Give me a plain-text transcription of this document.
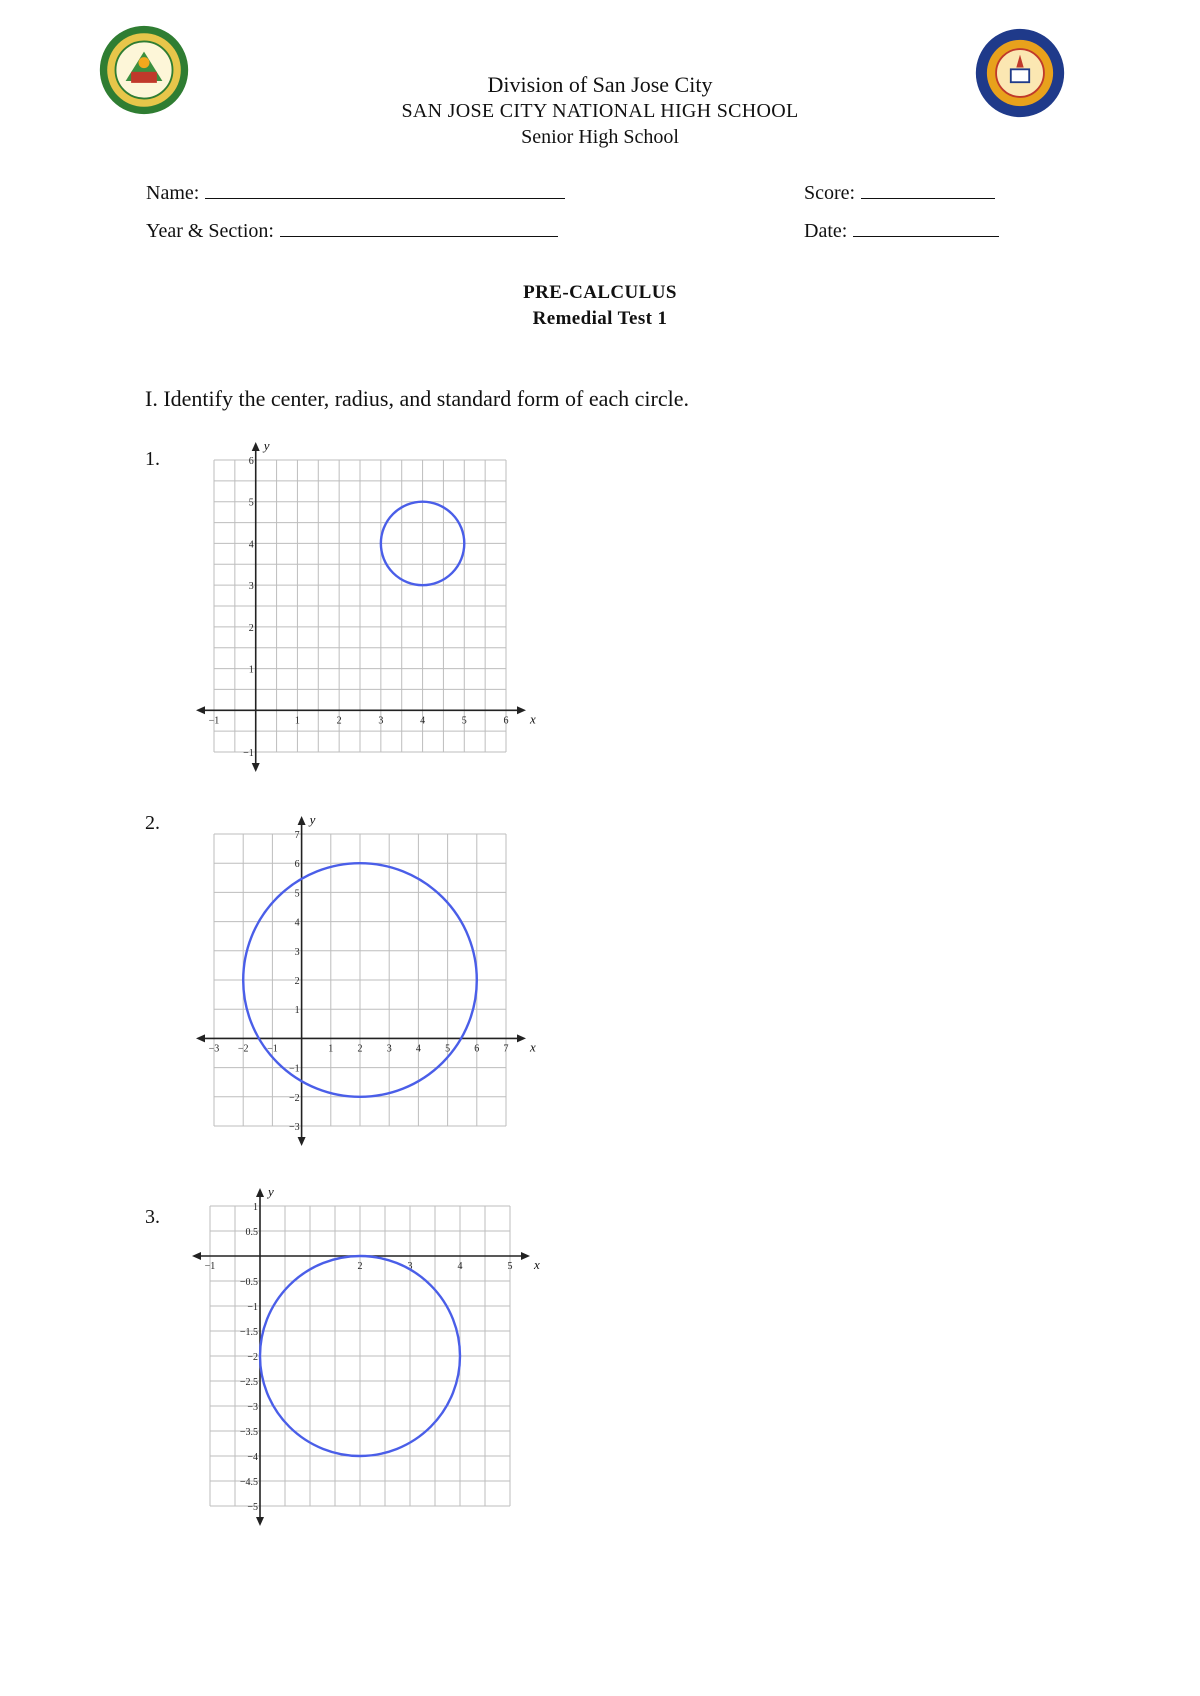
Division of San Jose City
SAN JOSE CITY NATIONAL HIGH SCHOOL
Senior High School
Name:	Score:
Year & Section:	Date:
PRE-CALCULUS
Remedial Test 1
I. Identify the center, radius, and standard form of each circle.
1.
x
y
−1	1	2	3	4	5	6
−1
1
2
3
4
5
6
2.
x
y
−3 −2 −1	1 2 3 4 5 6 7
−3
−2
−1
1
2
3
4
5
6
7
3.
x
y
−1	2	3	4	5
1
0.5
−0.5
−1
−1.5
−2
−2.5
−3
−3.5
−4
−4.5
−5
